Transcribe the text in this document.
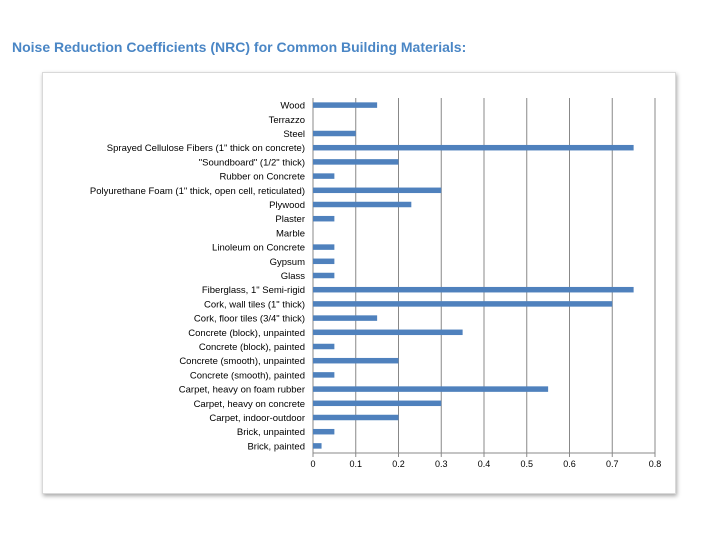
Noise Reduction Coefficients (NRC) for Common Building Materials:
0	0.1	0.2	0.3	0.4	0.5	0.6	0.7	0.8
Wood
Terrazzo
Steel
Sprayed Cellulose Fibers (1" thick on concrete)
"Soundboard" (1/2" thick)
Rubber on Concrete
Polyurethane Foam (1" thick, open cell, reticulated)
Plywood
Plaster
Marble
Linoleum on Concrete
Gypsum
Glass
Fiberglass, 1" Semi-rigid
Cork, wall tiles (1" thick)
Cork, floor tiles (3/4" thick)
Concrete (block), unpainted
Concrete (block), painted
Concrete (smooth), unpainted
Concrete (smooth), painted
Carpet, heavy on foam rubber
Carpet, heavy on concrete
Carpet, indoor-outdoor
Brick, unpainted
Brick, painted
